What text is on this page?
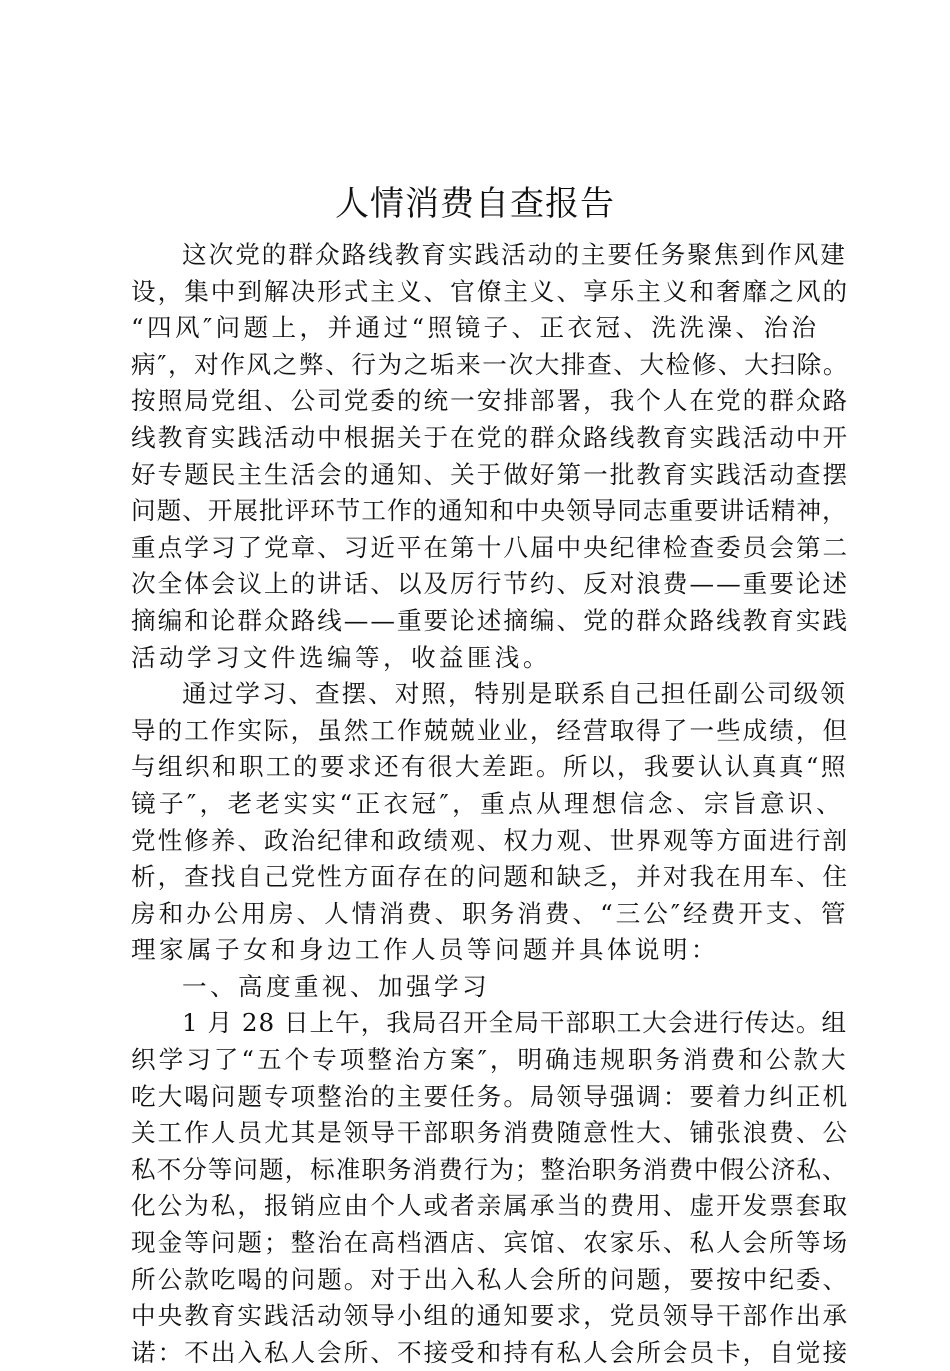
人情消费自查报告
这次党的群众路线教育实践活动的主要任务聚焦到作风建
设，集中到解决形式主义、官僚主义、享乐主义和奢靡之风的
“四风″问题上，并通过“照镜子、正衣冠、洗洗澡、治治
病″，对作风之弊、行为之垢来一次大排查、大检修、大扫除。
按照局党组、公司党委的统一安排部署，我个人在党的群众路
线教育实践活动中根据关于在党的群众路线教育实践活动中开
好专题民主生活会的通知、关于做好第一批教育实践活动查摆
问题、开展批评环节工作的通知和中央领导同志重要讲话精神，
重点学习了党章、习近平在第十八届中央纪律检查委员会第二
次全体会议上的讲话、以及厉行节约、反对浪费——重要论述
摘编和论群众路线——重要论述摘编、党的群众路线教育实践
活动学习文件选编等，收益匪浅。
通过学习、查摆、对照，特别是联系自己担任副公司级领
导的工作实际，虽然工作兢兢业业，经营取得了一些成绩，但
与组织和职工的要求还有很大差距。所以，我要认认真真“照
镜子″，老老实实“正衣冠″，重点从理想信念、宗旨意识、
党性修养、政治纪律和政绩观、权力观、世界观等方面进行剖
析，查找自己党性方面存在的问题和缺乏，并对我在用车、住
房和办公用房、人情消费、职务消费、“三公″经费开支、管
理家属子女和身边工作人员等问题并具体说明：
一、高度重视、加强学习
1 月 28 日上午，我局召开全局干部职工大会进行传达。组
织学习了“五个专项整治方案″，明确违规职务消费和公款大
吃大喝问题专项整治的主要任务。局领导强调：要着力纠正机
关工作人员尤其是领导干部职务消费随意性大、铺张浪费、公
私不分等问题，标准职务消费行为；整治职务消费中假公济私、
化公为私，报销应由个人或者亲属承当的费用、虚开发票套取
现金等问题；整治在高档酒店、宾馆、农家乐、私人会所等场
所公款吃喝的问题。对于出入私人会所的问题，要按中纪委、
中央教育实践活动领导小组的通知要求，党员领导干部作出承
诺：不出入私人会所、不接受和持有私人会所会员卡，自觉接
